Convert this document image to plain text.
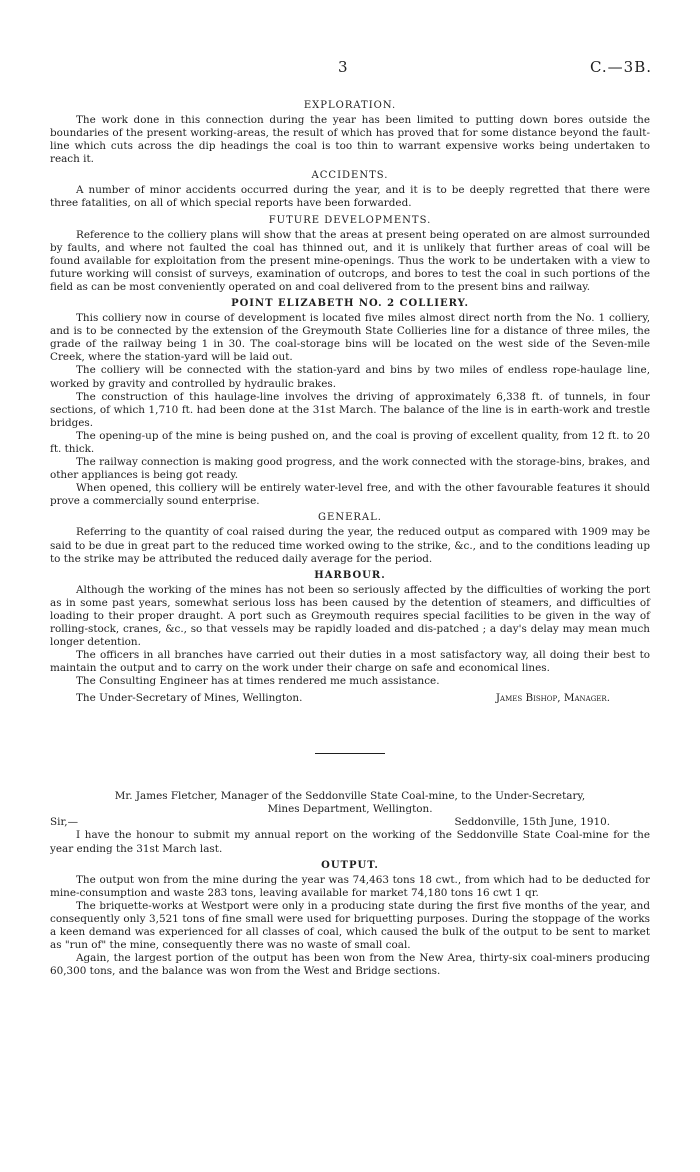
3	C.—3B.
EXPLORATION.

The work done in this connection during the year has been limited to putting down bores outside the boundaries of the present working-areas, the result of which has proved that for some distance beyond the fault-line which cuts across the dip headings the coal is too thin to warrant expensive works being undertaken to reach it.

ACCIDENTS.

A number of minor accidents occurred during the year, and it is to be deeply regretted that there were three fatalities, on all of which special reports have been forwarded.

FUTURE DEVELOPMENTS.

Reference to the colliery plans will show that the areas at present being operated on are almost surrounded by faults, and where not faulted the coal has thinned out, and it is unlikely that further areas of coal will be found available for exploitation from the present mine-openings. Thus the work to be undertaken with a view to future working will consist of surveys, examination of outcrops, and bores to test the coal in such portions of the field as can be most conveniently operated on and coal delivered from to the present bins and railway.

POINT ELIZABETH NO. 2 COLLIERY.

This colliery now in course of development is located five miles almost direct north from the No. 1 colliery, and is to be connected by the extension of the Greymouth State Collieries line for a distance of three miles, the grade of the railway being 1 in 30. The coal-storage bins will be located on the west side of the Seven-mile Creek, where the station-yard will be laid out.

The colliery will be connected with the station-yard and bins by two miles of endless rope-haulage line, worked by gravity and controlled by hydraulic brakes.

The construction of this haulage-line involves the driving of approximately 6,338 ft. of tunnels, in four sections, of which 1,710 ft. had been done at the 31st March. The balance of the line is in earth-work and trestle bridges.

The opening-up of the mine is being pushed on, and the coal is proving of excellent quality, from 12 ft. to 20 ft. thick.

The railway connection is making good progress, and the work connected with the storage-bins, brakes, and other appliances is being got ready.

When opened, this colliery will be entirely water-level free, and with the other favourable features it should prove a commercially sound enterprise.

GENERAL.

Referring to the quantity of coal raised during the year, the reduced output as compared with 1909 may be said to be due in great part to the reduced time worked owing to the strike, &c., and to the conditions leading up to the strike may be attributed the reduced daily average for the period.

HARBOUR.

Although the working of the mines has not been so seriously affected by the difficulties of working the port as in some past years, somewhat serious loss has been caused by the detention of steamers, and difficulties of loading to their proper draught. A port such as Greymouth requires special facilities to be given in the way of rolling-stock, cranes, &c., so that vessels may be rapidly loaded and dis-patched ; a day's delay may mean much longer detention.

The officers in all branches have carried out their duties in a most satisfactory way, all doing their best to maintain the output and to carry on the work under their charge on safe and economical lines.

The Consulting Engineer has at times rendered me much assistance.

The Under-Secretary of Mines, Wellington.	James Bishop, Manager.
Mr. James Fletcher, Manager of the Seddonville State Coal-mine, to the Under-Secretary,
Mines Department, Wellington.
Sir,—	Seddonville, 15th June, 1910.

I have the honour to submit my annual report on the working of the Seddonville State Coal-mine for the year ending the 31st March last.

OUTPUT.

The output won from the mine during the year was 74,463 tons 18 cwt., from which had to be deducted for mine-consumption and waste 283 tons, leaving available for market 74,180 tons 16 cwt 1 qr.

The briquette-works at Westport were only in a producing state during the first five months of the year, and consequently only 3,521 tons of fine small were used for briquetting purposes. During the stoppage of the works a keen demand was experienced for all classes of coal, which caused the bulk of the output to be sent to market as "run of" the mine, consequently there was no waste of small coal.

Again, the largest portion of the output has been won from the New Area, thirty-six coal-miners producing 60,300 tons, and the balance was won from the West and Bridge sections.
